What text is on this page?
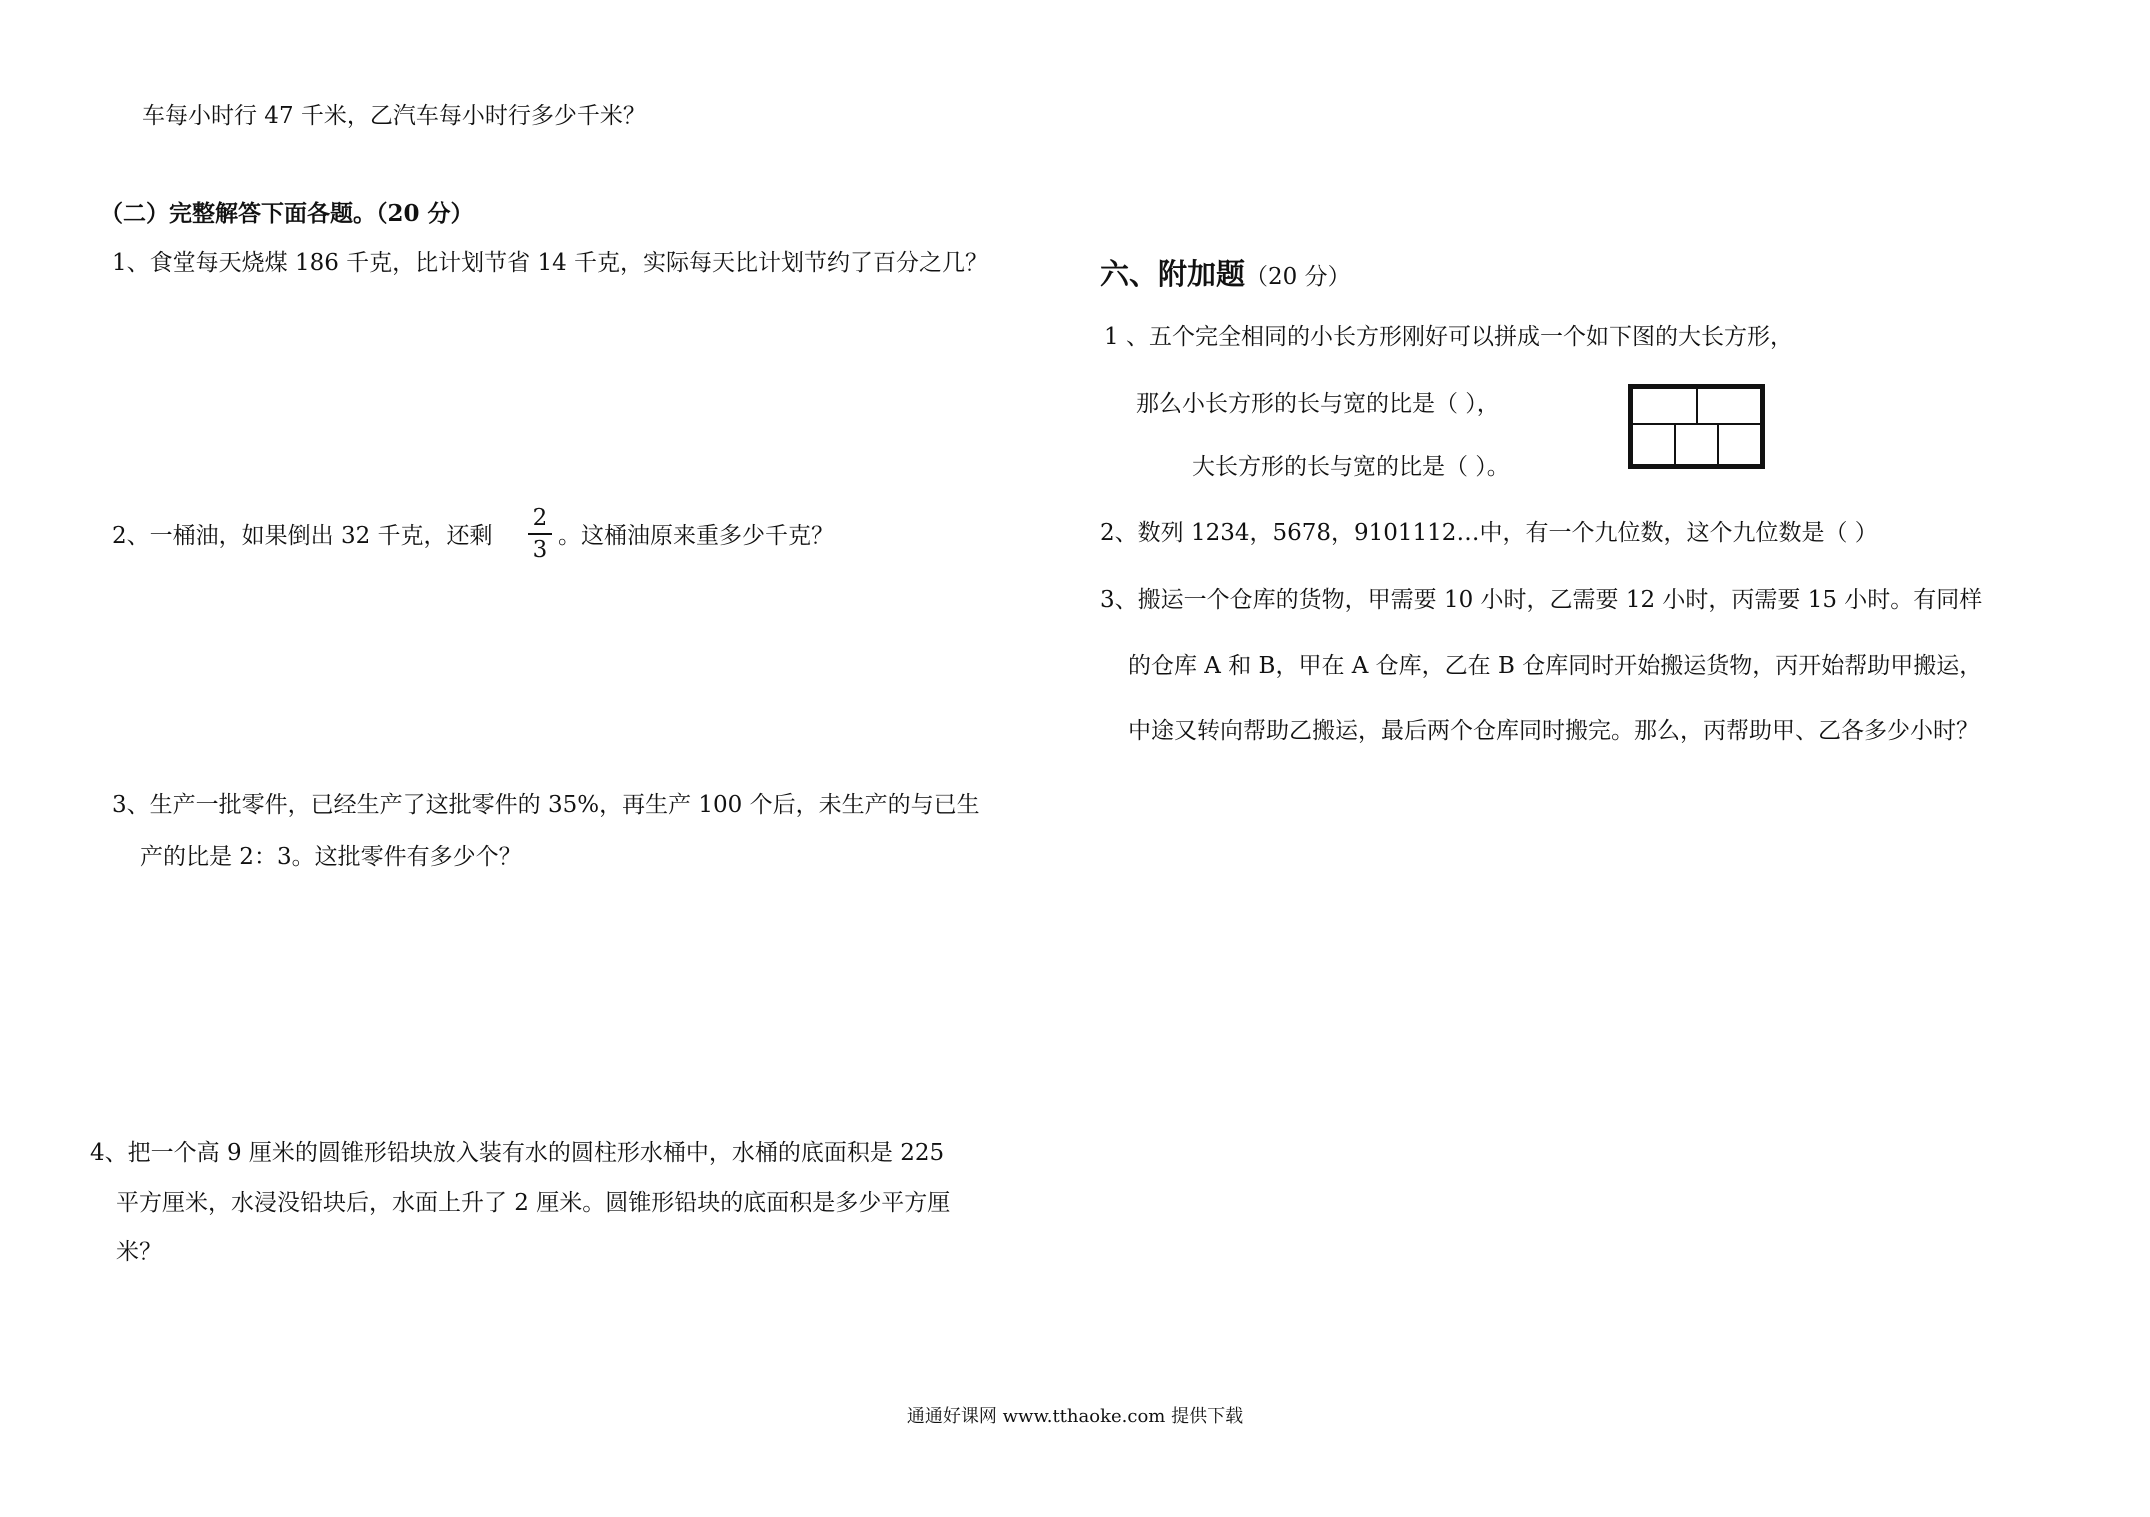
车每小时行 47 千米，乙汽车每小时行多少千米？
（二）完整解答下面各题。（20 分）
1、食堂每天烧煤 186 千克，比计划节省 14 千克，实际每天比计划节约了百分之几？
2、一桶油，如果倒出 32 千克，还剩 $\frac{2}{3}$ 。这桶油原来重多少千克？
3、生产一批零件，已经生产了这批零件的 35%，再生产 100 个后，未生产的与已生
产的比是 2：3。这批零件有多少个？
4、把一个高 9 厘米的圆锥形铅块放入装有水的圆柱形水桶中，水桶的底面积是 225
平方厘米，水浸没铅块后，水面上升了 2 厘米。圆锥形铅块的底面积是多少平方厘
米？
六、附加题（20 分）
1 、五个完全相同的小长方形刚好可以拼成一个如下图的大长方形，
那么小长方形的长与宽的比是（ ），
大长方形的长与宽的比是（ ）。
2、数列 1234，5678，9101112…中，有一个九位数，这个九位数是（ ）
3、搬运一个仓库的货物，甲需要 10 小时，乙需要 12 小时，丙需要 15 小时。有同样
的仓库 A 和 B，甲在 A 仓库，乙在 B 仓库同时开始搬运货物，丙开始帮助甲搬运，
中途又转向帮助乙搬运，最后两个仓库同时搬完。那么，丙帮助甲、乙各多少小时？
通通好课网 www.tthaoke.com 提供下载
